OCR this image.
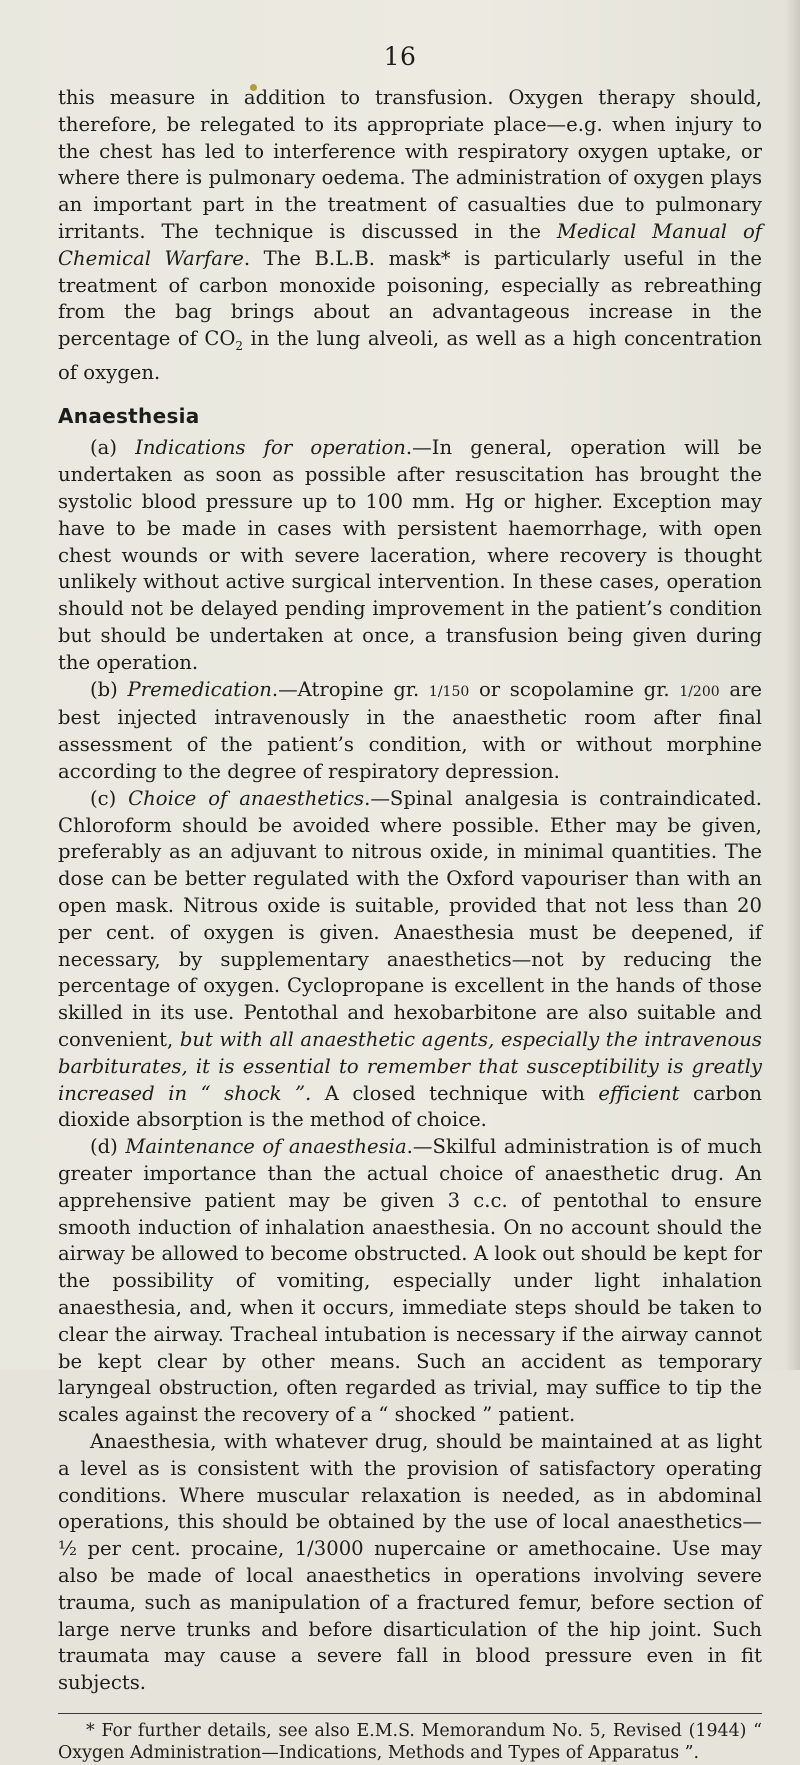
16

this measure in addition to transfusion. Oxygen therapy should, therefore, be relegated to its appropriate place—e.g. when injury to the chest has led to interference with respiratory oxygen uptake, or where there is pulmonary oedema. The administration of oxygen plays an important part in the treatment of casualties due to pulmonary irritants. The technique is discussed in the Medical Manual of Chemical Warfare. The B.L.B. mask* is particularly useful in the treatment of carbon monoxide poisoning, especially as rebreathing from the bag brings about an advantageous increase in the percentage of $CO_2$ in the lung alveoli, as well as a high concentration of oxygen.

Anaesthesia

(a) Indications for operation.—In general, operation will be undertaken as soon as possible after resuscitation has brought the systolic blood pressure up to 100 mm. Hg or higher. Exception may have to be made in cases with persistent haemorrhage, with open chest wounds or with severe laceration, where recovery is thought unlikely without active surgical intervention. In these cases, operation should not be delayed pending improvement in the patient’s condition but should be undertaken at once, a transfusion being given during the operation.

(b) Premedication.—Atropine gr. 1/150 or scopolamine gr. 1/200 are best injected intravenously in the anaesthetic room after final assessment of the patient’s condition, with or without morphine according to the degree of respiratory depression.

(c) Choice of anaesthetics.—Spinal analgesia is contraindicated. Chloroform should be avoided where possible. Ether may be given, preferably as an adjuvant to nitrous oxide, in minimal quantities. The dose can be better regulated with the Oxford vapouriser than with an open mask. Nitrous oxide is suitable, provided that not less than 20 per cent. of oxygen is given. Anaesthesia must be deepened, if necessary, by supplementary anaesthetics—not by reducing the percentage of oxygen. Cyclopropane is excellent in the hands of those skilled in its use. Pentothal and hexobarbitone are also suitable and convenient, but with all anaesthetic agents, especially the intravenous barbiturates, it is essential to remember that susceptibility is greatly increased in “ shock ”. A closed technique with efficient carbon dioxide absorption is the method of choice.

(d) Maintenance of anaesthesia.—Skilful administration is of much greater importance than the actual choice of anaesthetic drug. An apprehensive patient may be given 3 c.c. of pentothal to ensure smooth induction of inhalation anaesthesia. On no account should the airway be allowed to become obstructed. A look out should be kept for the possibility of vomiting, especially under light inhalation anaesthesia, and, when it occurs, immediate steps should be taken to clear the airway. Tracheal intubation is necessary if the airway cannot be kept clear by other means. Such an accident as temporary laryngeal obstruction, often regarded as trivial, may suffice to tip the scales against the recovery of a “ shocked ” patient.

Anaesthesia, with whatever drug, should be maintained at as light a level as is consistent with the provision of satisfactory operating conditions. Where muscular relaxation is needed, as in abdominal operations, this should be obtained by the use of local anaesthetics—½ per cent. procaine, 1/3000 nupercaine or amethocaine. Use may also be made of local anaesthetics in operations involving severe trauma, such as manipulation of a fractured femur, before section of large nerve trunks and before disarticulation of the hip joint. Such traumata may cause a severe fall in blood pressure even in fit subjects.

* For further details, see also E.M.S. Memorandum No. 5, Revised (1944) “ Oxygen Administration—Indications, Methods and Types of Apparatus ”.
